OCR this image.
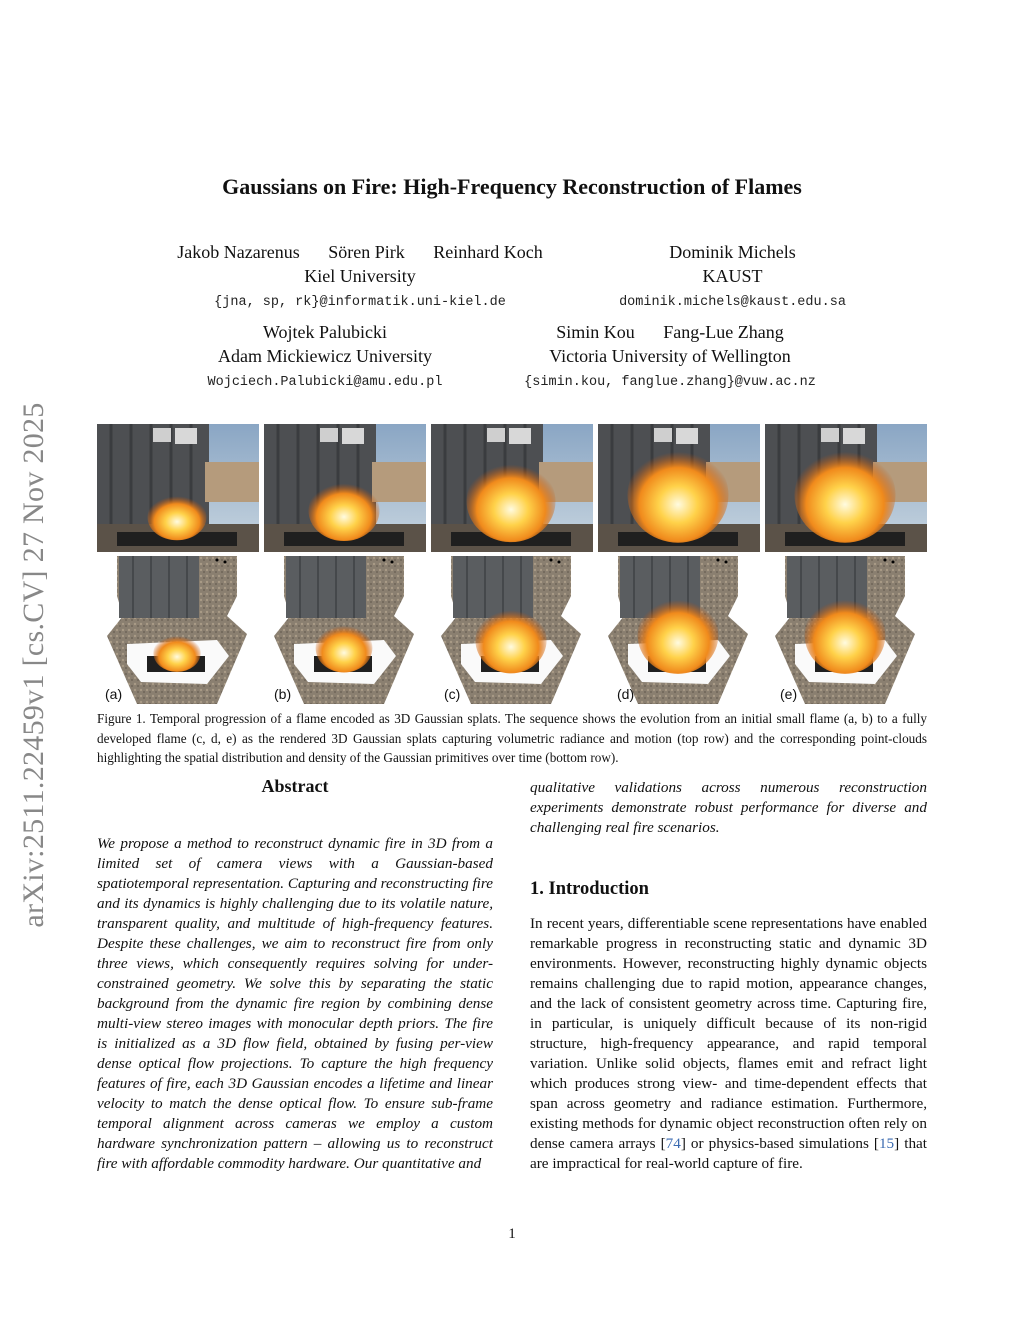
arXiv:2511.22459v1 [cs.CV] 27 Nov 2025
Gaussians on Fire: High-Frequency Reconstruction of Flames
Jakob Nazarenus Sören Pirk Reinhard Koch
Kiel University
{jna, sp, rk}@informatik.uni-kiel.de
Dominik Michels
KAUST
dominik.michels@kaust.edu.sa
Wojtek Palubicki
Adam Mickiewicz University
Wojciech.Palubicki@amu.edu.pl
Simin Kou Fang-Lue Zhang
Victoria University of Wellington
{simin.kou, fanglue.zhang}@vuw.ac.nz
(a)	(b)	(c)	(d)	(e)
Figure 1. Temporal progression of a flame encoded as 3D Gaussian splats. The sequence shows the evolution from an initial small flame (a, b) to a fully developed flame (c, d, e) as the rendered 3D Gaussian splats capturing volumetric radiance and motion (top row) and the corresponding point-clouds highlighting the spatial distribution and density of the Gaussian primitives over time (bottom row).
Abstract
We propose a method to reconstruct dynamic fire in 3D from a limited set of camera views with a Gaussian-based spatiotemporal representation. Capturing and reconstructing fire and its dynamics is highly challenging due to its volatile nature, transparent quality, and multitude of high-frequency features. Despite these challenges, we aim to reconstruct fire from only three views, which consequently requires solving for under-constrained geometry. We solve this by separating the static background from the dynamic fire region by combining dense multi-view stereo images with monocular depth priors. The fire is initialized as a 3D flow field, obtained by fusing per-view dense optical flow projections. To capture the high frequency features of fire, each 3D Gaussian encodes a lifetime and linear velocity to match the dense optical flow. To ensure sub-frame temporal alignment across cameras we employ a custom hardware synchronization pattern – allowing us to reconstruct fire with affordable commodity hardware. Our quantitative and
qualitative validations across numerous reconstruction experiments demonstrate robust performance for diverse and challenging real fire scenarios.
1. Introduction
In recent years, differentiable scene representations have enabled remarkable progress in reconstructing static and dynamic 3D environments. However, reconstructing highly dynamic objects remains challenging due to rapid motion, appearance changes, and the lack of consistent geometry across time. Capturing fire, in particular, is uniquely difficult because of its non-rigid structure, high-frequency appearance, and rapid temporal variation. Unlike solid objects, flames emit and refract light which produces strong view- and time-dependent effects that span across geometry and radiance estimation. Furthermore, existing methods for dynamic object reconstruction often rely on dense camera arrays [74] or physics-based simulations [15] that are impractical for real-world capture of fire.
1
